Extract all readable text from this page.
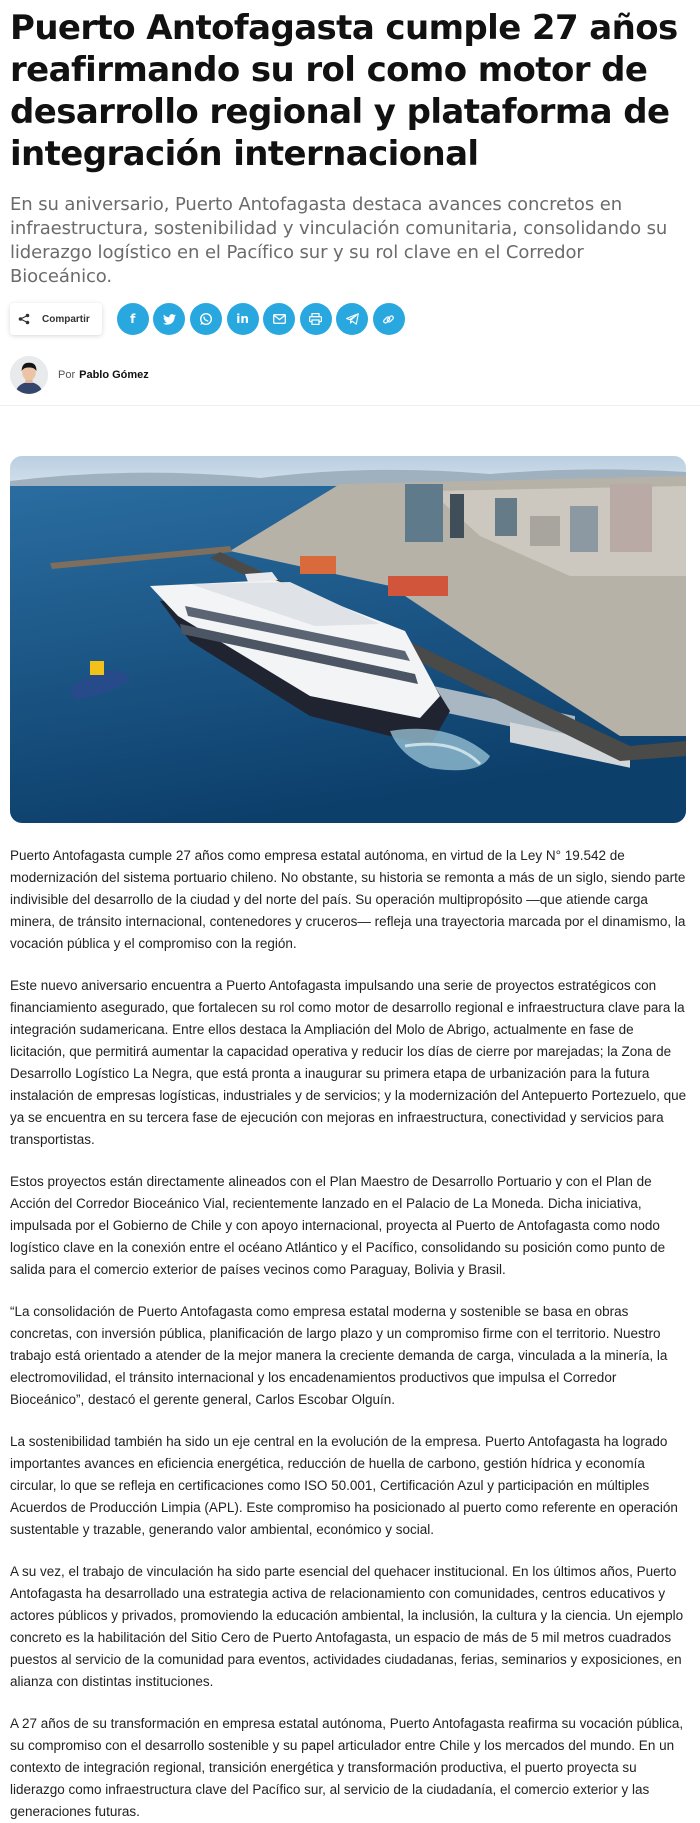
Puerto Antofagasta cumple 27 años reafirmando su rol como motor de desarrollo regional y plataforma de integración internacional

En su aniversario, Puerto Antofagasta destaca avances concretos en infraestructura, sostenibilidad y vinculación comunitaria, consolidando su liderazgo logístico en el Pacífico sur y su rol clave en el Corredor Bioceánico.

Compartir	f	in
Por Pablo Gómez

Puerto Antofagasta cumple 27 años como empresa estatal autónoma, en virtud de la Ley N° 19.542 de modernización del sistema portuario chileno. No obstante, su historia se remonta a más de un siglo, siendo parte indivisible del desarrollo de la ciudad y del norte del país. Su operación multipropósito —que atiende carga minera, de tránsito internacional, contenedores y cruceros— refleja una trayectoria marcada por el dinamismo, la vocación pública y el compromiso con la región.

Este nuevo aniversario encuentra a Puerto Antofagasta impulsando una serie de proyectos estratégicos con financiamiento asegurado, que fortalecen su rol como motor de desarrollo regional e infraestructura clave para la integración sudamericana. Entre ellos destaca la Ampliación del Molo de Abrigo, actualmente en fase de licitación, que permitirá aumentar la capacidad operativa y reducir los días de cierre por marejadas; la Zona de Desarrollo Logístico La Negra, que está pronta a inaugurar su primera etapa de urbanización para la futura instalación de empresas logísticas, industriales y de servicios; y la modernización del Antepuerto Portezuelo, que ya se encuentra en su tercera fase de ejecución con mejoras en infraestructura, conectividad y servicios para transportistas.

Estos proyectos están directamente alineados con el Plan Maestro de Desarrollo Portuario y con el Plan de Acción del Corredor Bioceánico Vial, recientemente lanzado en el Palacio de La Moneda. Dicha iniciativa, impulsada por el Gobierno de Chile y con apoyo internacional, proyecta al Puerto de Antofagasta como nodo logístico clave en la conexión entre el océano Atlántico y el Pacífico, consolidando su posición como punto de salida para el comercio exterior de países vecinos como Paraguay, Bolivia y Brasil.

“La consolidación de Puerto Antofagasta como empresa estatal moderna y sostenible se basa en obras concretas, con inversión pública, planificación de largo plazo y un compromiso firme con el territorio. Nuestro trabajo está orientado a atender de la mejor manera la creciente demanda de carga, vinculada a la minería, la electromovilidad, el tránsito internacional y los encadenamientos productivos que impulsa el Corredor Bioceánico”, destacó el gerente general, Carlos Escobar Olguín.

La sostenibilidad también ha sido un eje central en la evolución de la empresa. Puerto Antofagasta ha logrado importantes avances en eficiencia energética, reducción de huella de carbono, gestión hídrica y economía circular, lo que se refleja en certificaciones como ISO 50.001, Certificación Azul y participación en múltiples Acuerdos de Producción Limpia (APL). Este compromiso ha posicionado al puerto como referente en operación sustentable y trazable, generando valor ambiental, económico y social.

A su vez, el trabajo de vinculación ha sido parte esencial del quehacer institucional. En los últimos años, Puerto Antofagasta ha desarrollado una estrategia activa de relacionamiento con comunidades, centros educativos y actores públicos y privados, promoviendo la educación ambiental, la inclusión, la cultura y la ciencia. Un ejemplo concreto es la habilitación del Sitio Cero de Puerto Antofagasta, un espacio de más de 5 mil metros cuadrados puestos al servicio de la comunidad para eventos, actividades ciudadanas, ferias, seminarios y exposiciones, en alianza con distintas instituciones.

A 27 años de su transformación en empresa estatal autónoma, Puerto Antofagasta reafirma su vocación pública, su compromiso con el desarrollo sostenible y su papel articulador entre Chile y los mercados del mundo. En un contexto de integración regional, transición energética y transformación productiva, el puerto proyecta su liderazgo como infraestructura clave del Pacífico sur, al servicio de la ciudadanía, el comercio exterior y las generaciones futuras.
